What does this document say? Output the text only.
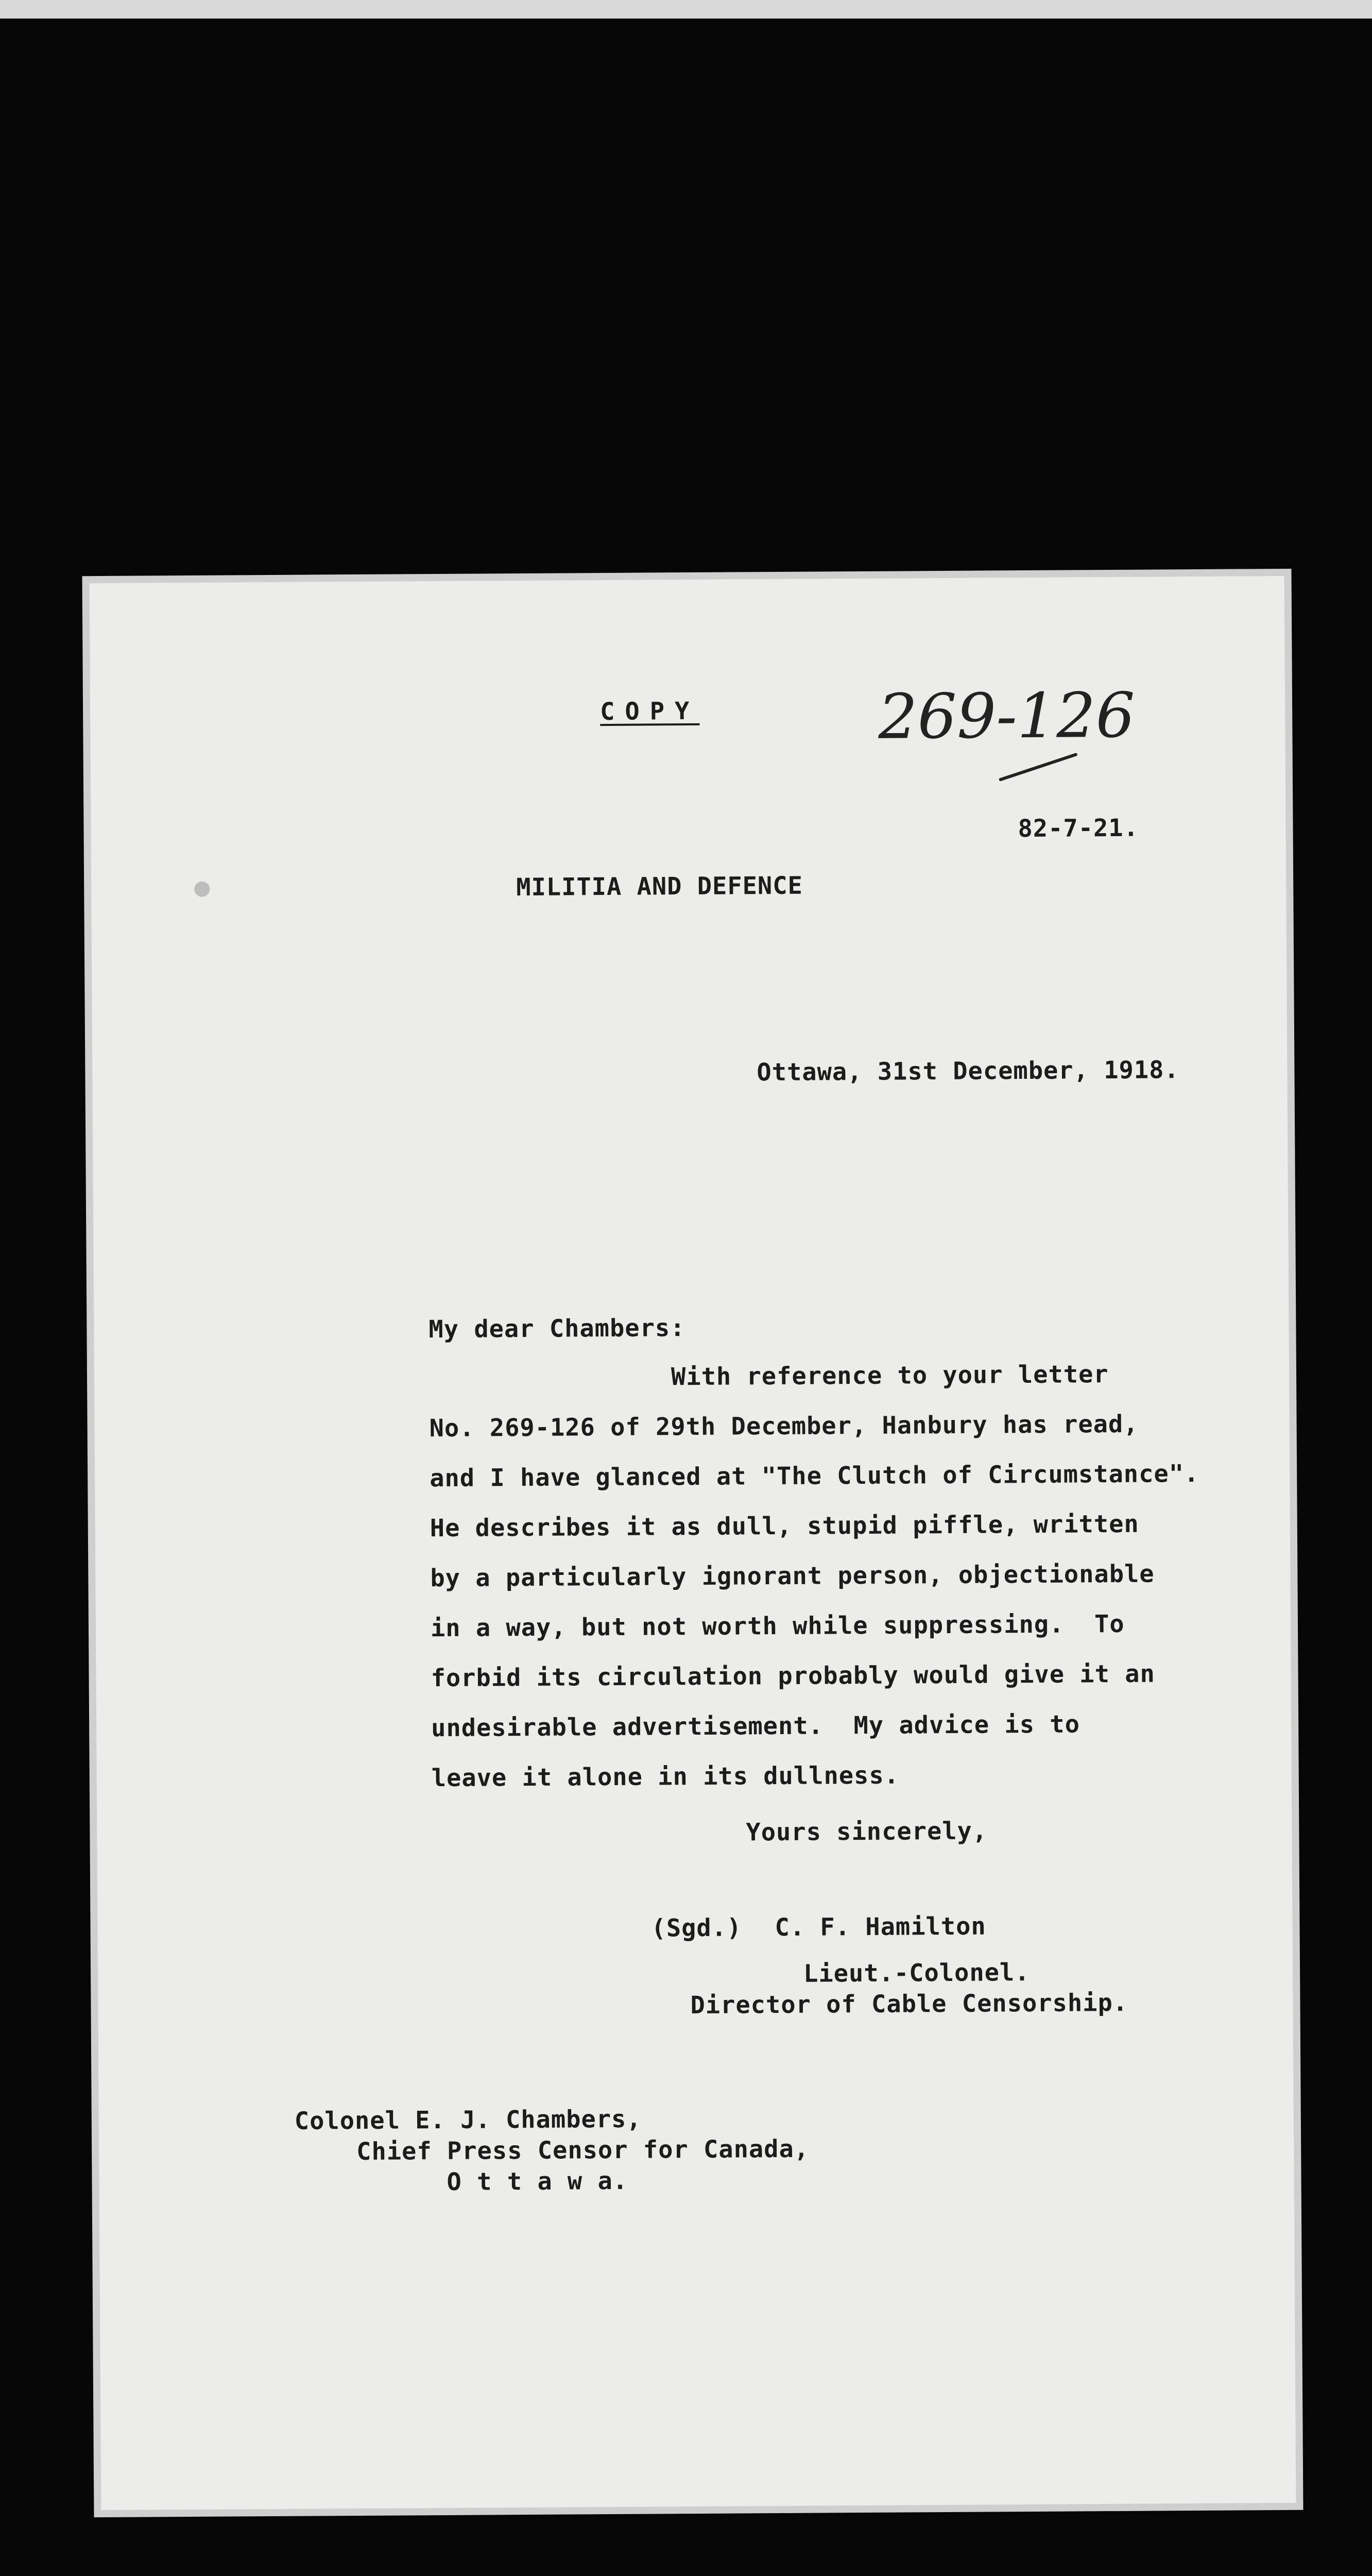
COPY	269-126
82-7-21.
MILITIA AND DEFENCE
Ottawa, 31st December, 1918.
My dear Chambers:
With reference to your letter
No. 269-126 of 29th December, Hanbury has read,
and I have glanced at "The Clutch of Circumstance".
He describes it as dull, stupid piffle, written
by a particularly ignorant person, objectionable
in a way, but not worth while suppressing.  To
forbid its circulation probably would give it an
undesirable advertisement.  My advice is to
leave it alone in its dullness.
Yours sincerely,
(Sgd.) C. F. Hamilton
Lieut.-Colonel.
Director of Cable Censorship.
Colonel E. J. Chambers,
Chief Press Censor for Canada,
O t t a w a.
